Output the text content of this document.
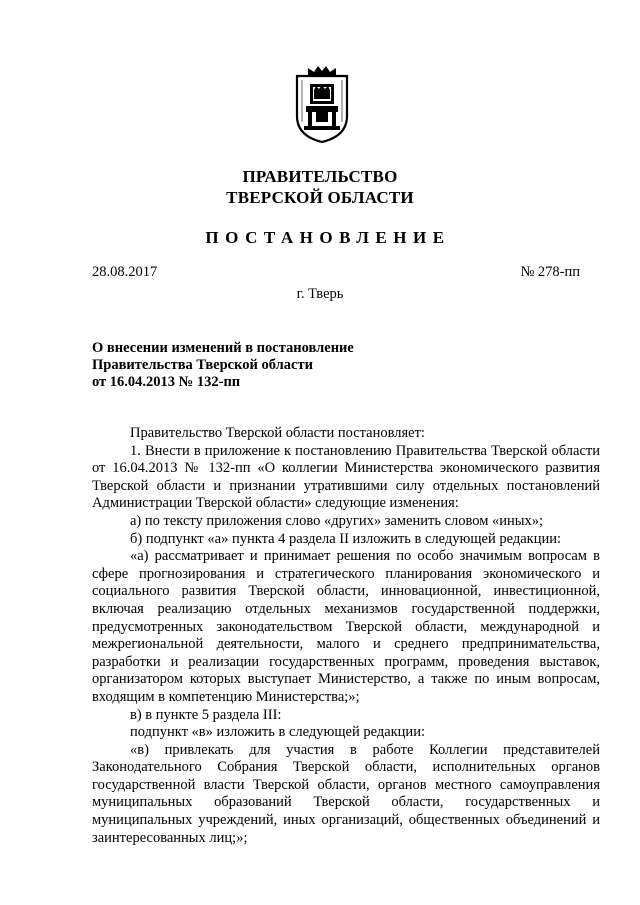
ПРАВИТЕЛЬСТВО
ТВЕРСКОЙ ОБЛАСТИ
ПОСТАНОВЛЕНИЕ
28.08.2017	№ 278-пп
г. Тверь
О внесении изменений в постановление
Правительства Тверской области
от 16.04.2013 № 132-пп

Правительство Тверской области постановляет:

1. Внести в приложение к постановлению Правительства Тверской области от 16.04.2013 № 132-пп «О коллегии Министерства экономического развития Тверской области и признании утратившими силу отдельных постановлений Администрации Тверской области» следующие изменения:

а) по тексту приложения слово «других» заменить словом «иных»;

б) подпункт «а» пункта 4 раздела II изложить в следующей редакции:

«а) рассматривает и принимает решения по особо значимым вопросам в сфере прогнозирования и стратегического планирования экономического и социального развития Тверской области, инновационной, инвестиционной, включая реализацию отдельных механизмов государственной поддержки, предусмотренных законодательством Тверской области, международной и межрегиональной деятельности, малого и среднего предпринимательства, разработки и реализации государственных программ, проведения выставок, организатором которых выступает Министерство, а также по иным вопросам, входящим в компетенцию Министерства;»;

в) в пункте 5 раздела III:

подпункт «в» изложить в следующей редакции:

«в) привлекать для участия в работе Коллегии представителей Законодательного Собрания Тверской области, исполнительных органов государственной власти Тверской области, органов местного самоуправления муниципальных образований Тверской области, государственных и муниципальных учреждений, иных организаций, общественных объединений и заинтересованных лиц;»;
